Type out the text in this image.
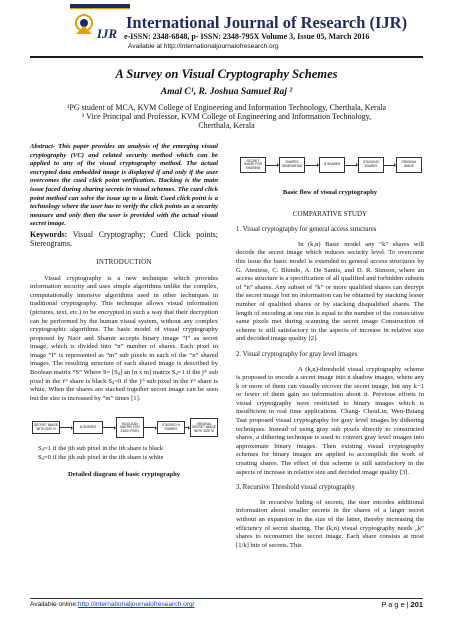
IJR
International Journal of Research (IJR)
e-ISSN: 2348-6848, p- ISSN: 2348-795X Volume 3, Issue 05, March 2016
Available at http://internationaljournalofresearch.org
A Survey on Visual Cryptography Schemes
Amal C¹, R. Joshua Samuel Raj ²
¹PG student of MCA, KVM College of Engineering and Information Technology, Cherthala, Kerala
² Vice Principal and Professor, KVM College of Engineering and Information Technology,
Cherthala, Kerala
Abstract- This paper provides an analysis of the emerging visual cryptography (VC) and related security method which can be applied to any of the visual cryptography method. The actual encrypted data embedded image is displayed if and only if the user overcomes the cued click point verification. Hacking is the main issue faced during sharing secrets in visual schemes. The cued click point method can solve the issue up to a limit. Cued click point is a technology where the user has to verify the click points as a security measure and only then the user is provided with the actual visual secret image.
Keywords: Visual Cryptography; Cued Click points; Stereograms.
INTRODUCTION
Visual cryptography is a new technique which provides information security and uses simple algorithms unlike the complex, computationally intensive algorithms used in other techniques in traditional cryptography. This technique allows visual information (pictures, text, etc.) to be encrypted in such a way that their decryption can be performed by the human visual system, without any complex cryptographic algorithms. The basic model of visual cryptography proposed by Naor and Shamir accepts binary image “I” as secret image, which is divided into “n” number of shares. Each pixel in image “I” is represented as “m” sub pixels in each of the “n” shared images. The resulting structure of each shared image is described by Boolean matrix “S” Where S= [Sᵢⱼ] an [n x m] matrix Sᵢⱼ=1 if the jᵗʰ sub pixel in the iᵗʰ share is black Sᵢⱼ=0 if the jᵗʰ sub pixel in the iᵗʰ share is white. When the shares are stacked together secret image can be seen but the size is increased by “m” times [1].
SECRET IMAGE WITH SIZE N	N SHARES
BOOLEAN MATRIX FOR EACH PIXEL
STACKED N SHARES
ORIGINAL SECRET IMAGE WITH SIZE M
Sᵢⱼ=1 if the jth sub pixel in the ith share is black
Sᵢⱼ=0 if the jth sub pixel in the ith share is white
Detailed diagram of basic cryptography
SECRET IMAGE FOR SHARING
SHARES GENERATING	N SHARES	STACKING SHARES
ORIGINAL IMAGE
Basic flow of visual cryptography
COMPARATIVE STUDY
1. Visual cryptography for general access structures
In (k,n) Basic model any “k” shares will decode the secret image which reduces security level. To overcome this issue the basic model is extended to general access structures by G. Ateniese, C. Blundo, A. De Santis, and D. R. Stinson, where an access structure is a specification of all qualified and forbidden subsets of “n” shares. Any subset of “k” or more qualified shares can decrypt the secret image but no information can be obtained by stacking lesser number of qualified shares or by stacking disqualified shares. The length of encoding at one run is equal to the number of the consecutive same pixels met during scanning the secret image Construction of scheme is still satisfactory in the aspects of increase in relative size and decoded image quality [2].
2. Visual cryptography for gray level images
A (k,n)-threshold visual cryptography scheme is proposed to encode a secret image into n shadow images, where any k or more of them can visually recover the secret image, but any k−1 or fewer of them gain no information about it. Previous efforts in visual cryptography were restricted to binary images which is insufficient in real time applications. Chang- ChouLin, Wen-Hsiang Tsai proposed visual cryptography for gray level images by dithering techniques. Instead of using gray sub pixels directly to constructed shares, a dithering technique is used to convert gray level images into approximate binary images. Then existing visual cryptography schemes for binary images are applied to accomplish the work of creating shares. The effect of this scheme is still satisfactory in the aspects of increase in relative size and decoded image quality [3].
3. Recursive Threshold visual cryptography
In recursive hiding of secrets, the user encodes additional information about smaller secrets in the shares of a larger secret without an expansion in the size of the latter, thereby increasing the efficiency of secret sharing. The (k,n) visual cryptography needs „k” shares to reconstruct the secret image. Each share consists at most [1/k] bits of secrets. This
Available online:http://internationaljournalofresearch.org/	P a g e | 201
